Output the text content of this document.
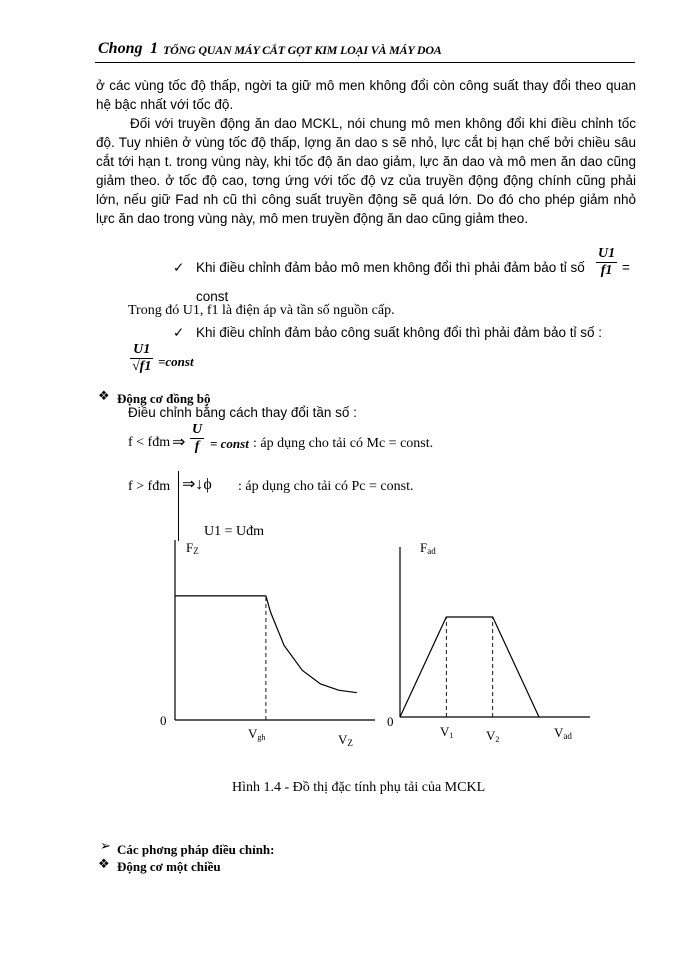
Chong 1 TỔNG QUAN MÁY CẮT GỌT KIM LOẠI VÀ MÁY DOA

ở các vùng tốc độ thấp, ngời ta giữ mô men không đổi còn công suất thay đổi theo quan hệ bậc nhất với tốc độ.

Đối với truyền động ăn dao MCKL, nói chung mô men không đổi khi điều chỉnh tốc độ. Tuy nhiên ở vùng tốc độ thấp, lợng ăn dao s sẽ nhỏ, lực cắt bị hạn chế bởi chiều sâu cắt tới hạn t. trong vùng này, khi tốc độ ăn dao giảm, lực ăn dao và mô men ăn dao cũng giảm theo. ở tốc độ cao, tơng ứng với tốc độ vz của truyền động động chính cũng phải lớn, nếu giữ Fad nh cũ thì công suất truyền động sẽ quá lớn. Do đó cho phép giảm nhỏ lực ăn dao trong vùng này, mô men truyền động ăn dao cũng giảm theo.

✓ Khi điều chỉnh đảm bảo mô men không đổi thì phải đảm bảo tỉ số $\frac{U1}{f1}$ =
const
Trong đó U1, f1 là điện áp và tần số nguồn cấp.
✓ Khi điều chỉnh đảm bảo công suất không đổi thì phải đảm bảo tỉ số :
$\frac{U1}{√f1}$ =const
❖ Động cơ đồng bộ
Điều chỉnh bằng cách thay đổi tần số :
f < fđm ⇒ $\frac{U}{f}$ = const : áp dụng cho tải có Mc = const.
f > fđm ⇒↓ϕ : áp dụng cho tải có Pc = const.
U1 = Uđm
Vgh
FZ
VZ
0
V1	V2
Fad
Vad
0
Hình 1.4 - Đồ thị đặc tính phụ tải của MCKL
➢ Các phơng pháp điều chỉnh:
❖ Động cơ một chiều
